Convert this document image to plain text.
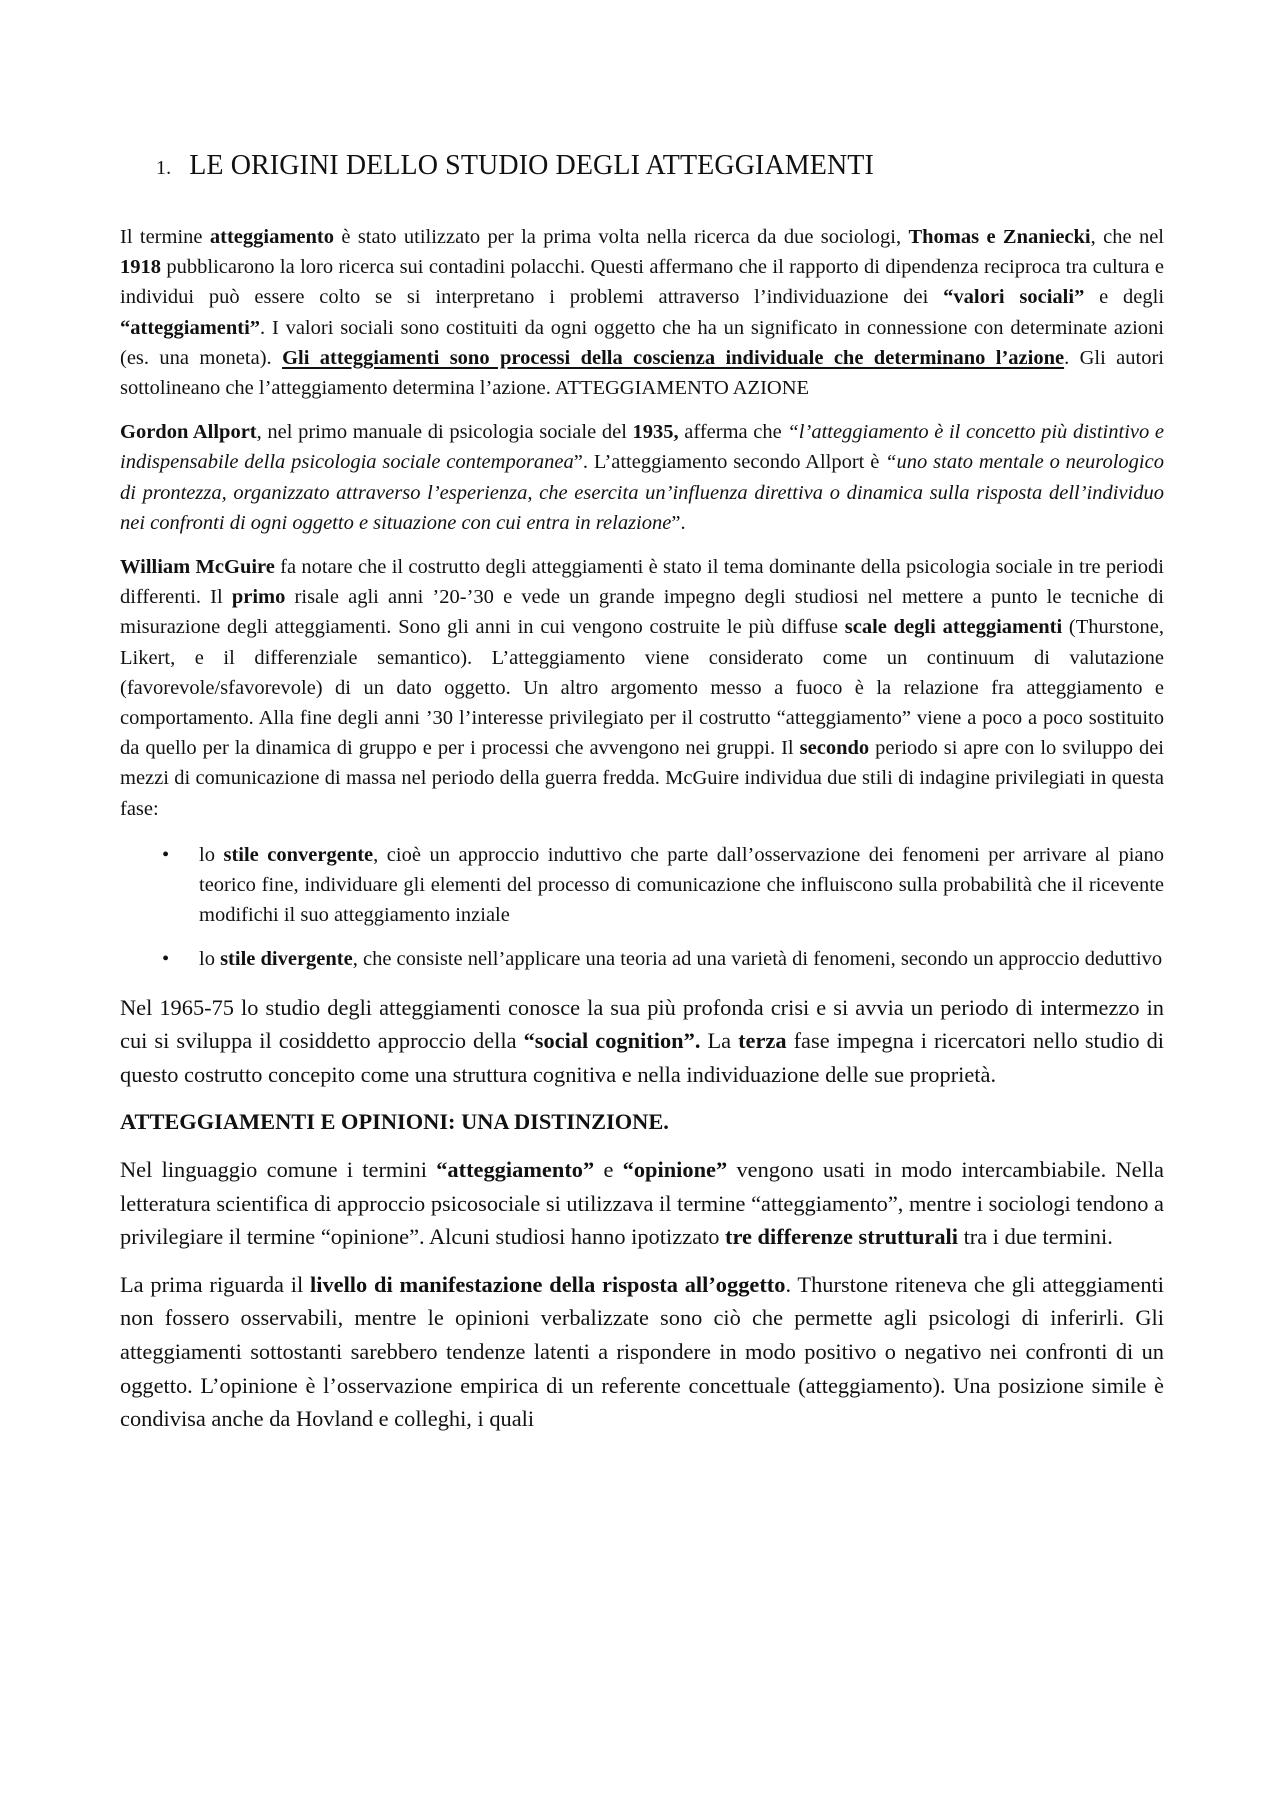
1. LE ORIGINI DELLO STUDIO DEGLI ATTEGGIAMENTI

Il termine atteggiamento è stato utilizzato per la prima volta nella ricerca da due sociologi, Thomas e Znaniecki, che nel 1918 pubblicarono la loro ricerca sui contadini polacchi. Questi affermano che il rapporto di dipendenza reciproca tra cultura e individui può essere colto se si interpretano i problemi attraverso l’individuazione dei “valori sociali” e degli “atteggiamenti”. I valori sociali sono costituiti da ogni oggetto che ha un significato in connessione con determinate azioni (es. una moneta). Gli atteggiamenti sono processi della coscienza individuale che determinano l’azione. Gli autori sottolineano che l’atteggiamento determina l’azione. ATTEGGIAMENTO AZIONE

Gordon Allport, nel primo manuale di psicologia sociale del 1935, afferma che “l’atteggiamento è il concetto più distintivo e indispensabile della psicologia sociale contemporanea”. L’atteggiamento secondo Allport è “uno stato mentale o neurologico di prontezza, organizzato attraverso l’esperienza, che esercita un’influenza direttiva o dinamica sulla risposta dell’individuo nei confronti di ogni oggetto e situazione con cui entra in relazione”.

William McGuire fa notare che il costrutto degli atteggiamenti è stato il tema dominante della psicologia sociale in tre periodi differenti. Il primo risale agli anni ’20-’30 e vede un grande impegno degli studiosi nel mettere a punto le tecniche di misurazione degli atteggiamenti. Sono gli anni in cui vengono costruite le più diffuse scale degli atteggiamenti (Thurstone, Likert, e il differenziale semantico). L’atteggiamento viene considerato come un continuum di valutazione (favorevole/sfavorevole) di un dato oggetto. Un altro argomento messo a fuoco è la relazione fra atteggiamento e comportamento. Alla fine degli anni ’30 l’interesse privilegiato per il costrutto “atteggiamento” viene a poco a poco sostituito da quello per la dinamica di gruppo e per i processi che avvengono nei gruppi. Il secondo periodo si apre con lo sviluppo dei mezzi di comunicazione di massa nel periodo della guerra fredda. McGuire individua due stili di indagine privilegiati in questa fase:

• lo stile convergente, cioè un approccio induttivo che parte dall’osservazione dei fenomeni per arrivare al piano teorico fine, individuare gli elementi del processo di comunicazione che influiscono sulla probabilità che il ricevente modifichi il suo atteggiamento inziale

• lo stile divergente, che consiste nell’applicare una teoria ad una varietà di fenomeni, secondo un approccio deduttivo

Nel 1965-75 lo studio degli atteggiamenti conosce la sua più profonda crisi e si avvia un periodo di intermezzo in cui si sviluppa il cosiddetto approccio della “social cognition”. La terza fase impegna i ricercatori nello studio di questo costrutto concepito come una struttura cognitiva e nella individuazione delle sue proprietà.

ATTEGGIAMENTI E OPINIONI: UNA DISTINZIONE.

Nel linguaggio comune i termini “atteggiamento” e “opinione” vengono usati in modo intercambiabile. Nella letteratura scientifica di approccio psicosociale si utilizzava il termine “atteggiamento”, mentre i sociologi tendono a privilegiare il termine “opinione”. Alcuni studiosi hanno ipotizzato tre differenze strutturali tra i due termini.

La prima riguarda il livello di manifestazione della risposta all’oggetto. Thurstone riteneva che gli atteggiamenti non fossero osservabili, mentre le opinioni verbalizzate sono ciò che permette agli psicologi di inferirli. Gli atteggiamenti sottostanti sarebbero tendenze latenti a rispondere in modo positivo o negativo nei confronti di un oggetto. L’opinione è l’osservazione empirica di un referente concettuale (atteggiamento). Una posizione simile è condivisa anche da Hovland e colleghi, i quali
